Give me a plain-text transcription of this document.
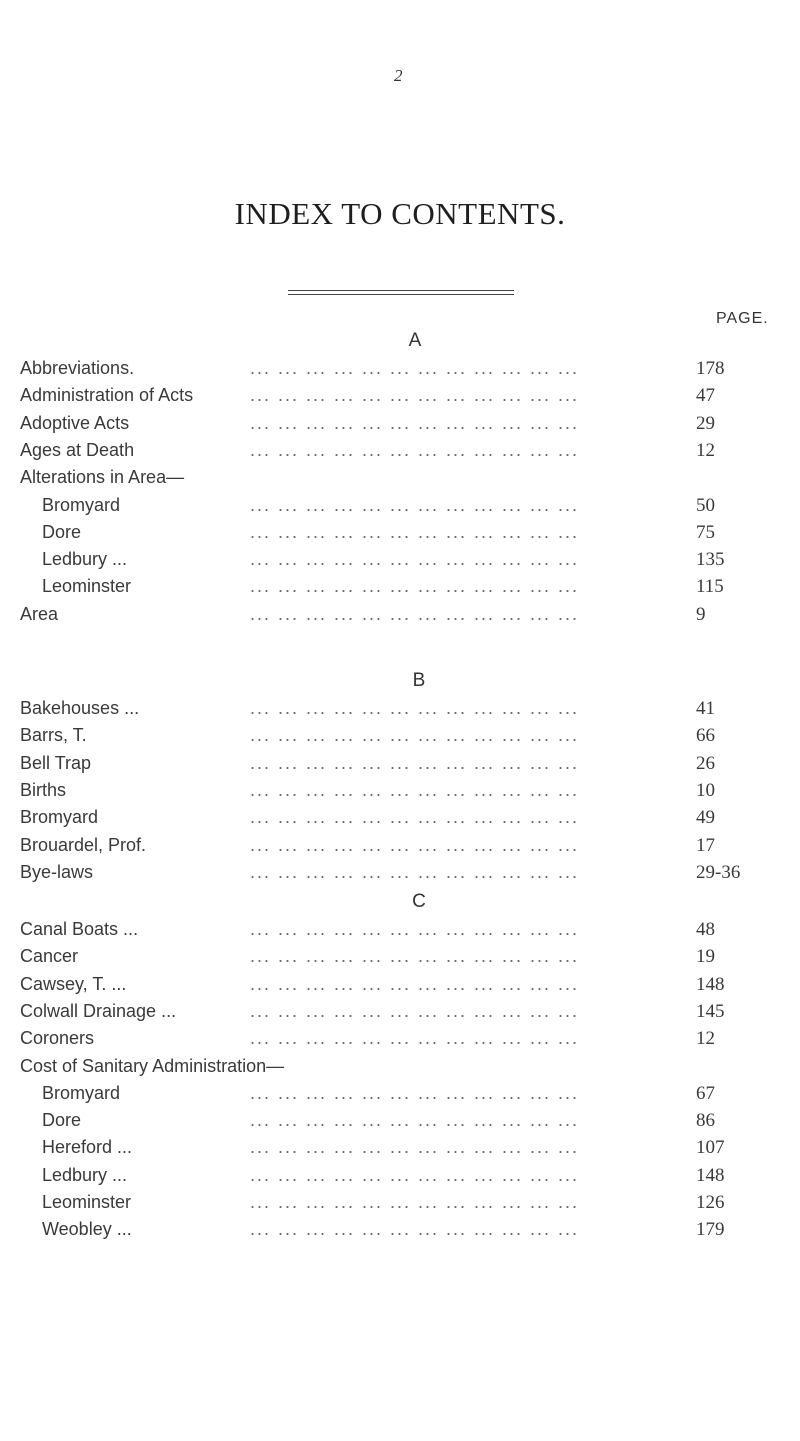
2
INDEX TO CONTENTS.
PAGE.
A
Abbreviations.	... ... ... ... ... ... ... ... ... ... ... ...	178
Administration of Acts	... ... ... ... ... ... ... ... ... ... ... ...	47
Adoptive Acts	... ... ... ... ... ... ... ... ... ... ... ...	29
Ages at Death	... ... ... ... ... ... ... ... ... ... ... ...	12
Alterations in Area—
Bromyard	... ... ... ... ... ... ... ... ... ... ... ...	50
Dore	... ... ... ... ... ... ... ... ... ... ... ...	75
Ledbury ...	... ... ... ... ... ... ... ... ... ... ... ...	135
Leominster	... ... ... ... ... ... ... ... ... ... ... ...	115
Area	... ... ... ... ... ... ... ... ... ... ... ...	9
B
Bakehouses ...	... ... ... ... ... ... ... ... ... ... ... ...	41
Barrs, T.	... ... ... ... ... ... ... ... ... ... ... ...	66
Bell Trap	... ... ... ... ... ... ... ... ... ... ... ...	26
Births	... ... ... ... ... ... ... ... ... ... ... ...	10
Bromyard	... ... ... ... ... ... ... ... ... ... ... ...	49
Brouardel, Prof.	... ... ... ... ... ... ... ... ... ... ... ...	17
Bye-laws	... ... ... ... ... ... ... ... ... ... ... ...	29-36
C
Canal Boats ...	... ... ... ... ... ... ... ... ... ... ... ...	48
Cancer	... ... ... ... ... ... ... ... ... ... ... ...	19
Cawsey, T. ...	... ... ... ... ... ... ... ... ... ... ... ...	148
Colwall Drainage ...	... ... ... ... ... ... ... ... ... ... ... ...	145
Coroners	... ... ... ... ... ... ... ... ... ... ... ...	12
Cost of Sanitary Administration—
Bromyard	... ... ... ... ... ... ... ... ... ... ... ...	67
Dore	... ... ... ... ... ... ... ... ... ... ... ...	86
Hereford ...	... ... ... ... ... ... ... ... ... ... ... ...	107
Ledbury ...	... ... ... ... ... ... ... ... ... ... ... ...	148
Leominster	... ... ... ... ... ... ... ... ... ... ... ...	126
Weobley ...	... ... ... ... ... ... ... ... ... ... ... ...	179
